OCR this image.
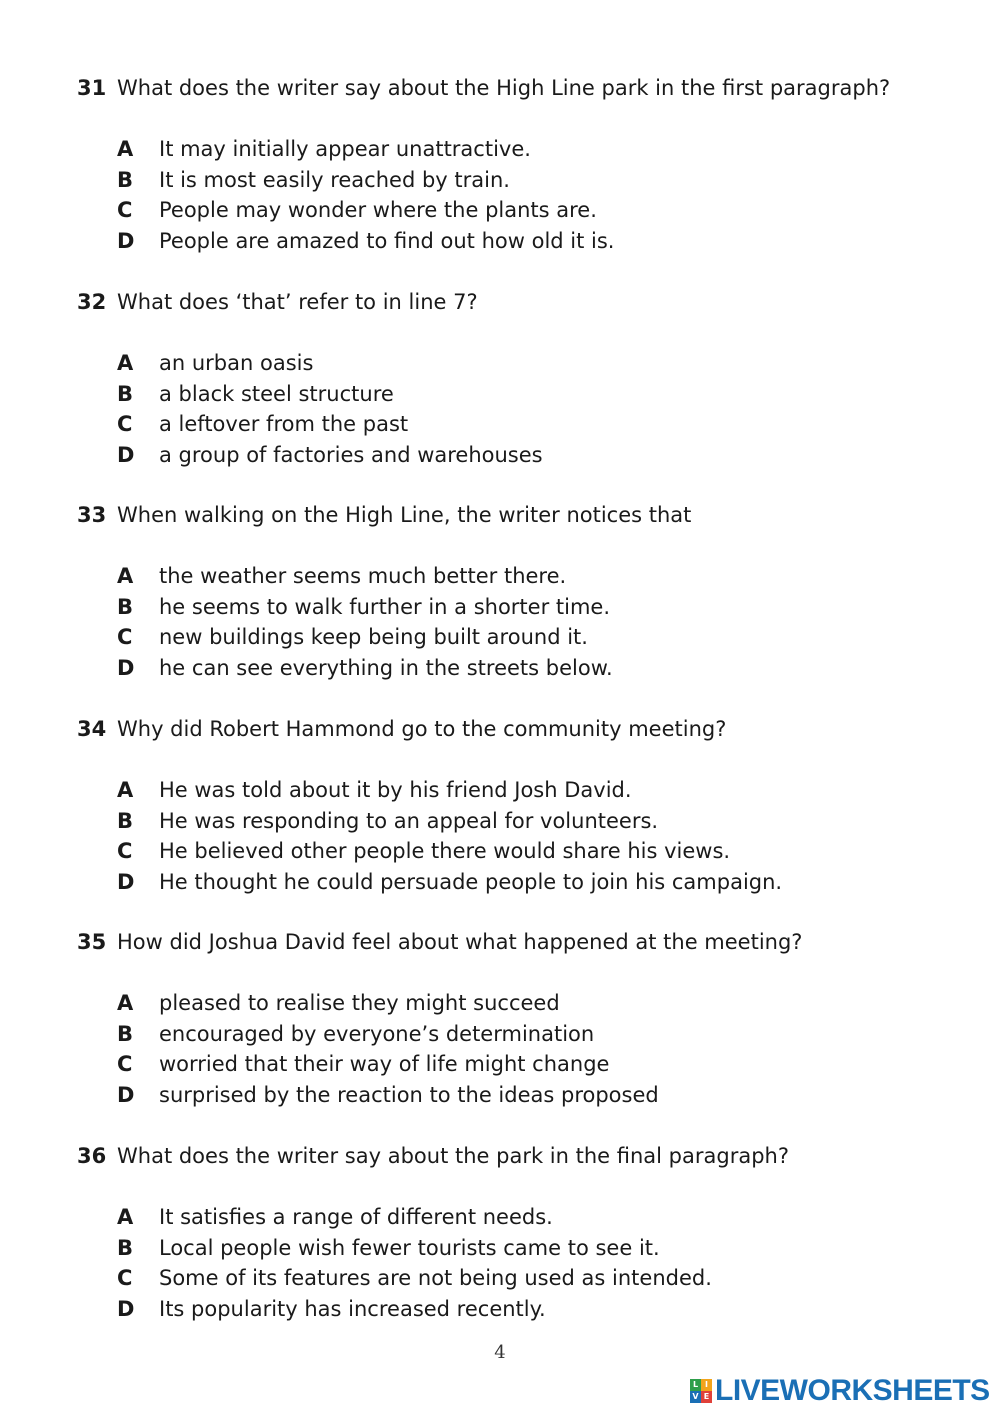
31 What does the writer say about the High Line park in the first paragraph?
A It may initially appear unattractive.
B It is most easily reached by train.
C People may wonder where the plants are.
D People are amazed to find out how old it is.
32 What does ‘that’ refer to in line 7?
A an urban oasis
B a black steel structure
C a leftover from the past
D a group of factories and warehouses
33 When walking on the High Line, the writer notices that
A the weather seems much better there.
B he seems to walk further in a shorter time.
C new buildings keep being built around it.
D he can see everything in the streets below.
34 Why did Robert Hammond go to the community meeting?
A He was told about it by his friend Josh David.
B He was responding to an appeal for volunteers.
C He believed other people there would share his views.
D He thought he could persuade people to join his campaign.
35 How did Joshua David feel about what happened at the meeting?
A pleased to realise they might succeed
B encouraged by everyone’s determination
C worried that their way of life might change
D surprised by the reaction to the ideas proposed
36 What does the writer say about the park in the final paragraph?
A It satisfies a range of different needs.
B Local people wish fewer tourists came to see it.
C Some of its features are not being used as intended.
D Its popularity has increased recently.
4
L I
V E LIVEWORKSHEETS
